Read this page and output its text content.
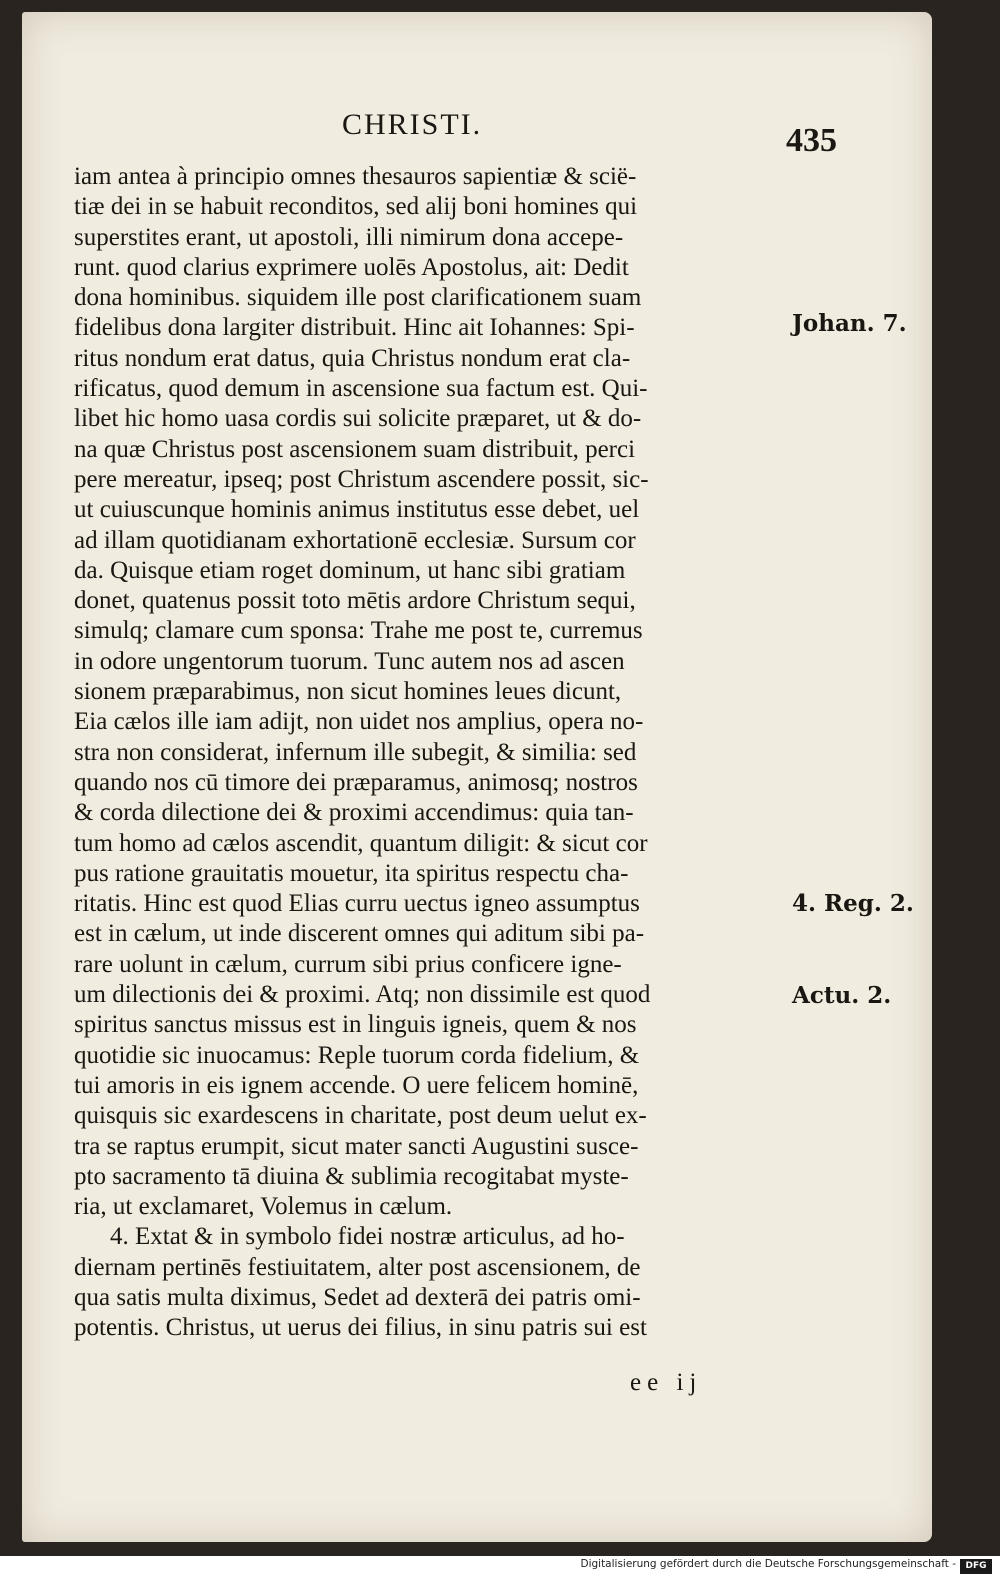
CHRISTI.	435
iam antea à principio omnes thesauros sapientiæ & scië-
tiæ dei in se habuit reconditos, sed alij boni homines qui
superstites erant, ut apostoli, illi nimirum dona accepe-
runt. quod clarius exprimere uolēs Apostolus, ait: Dedit
dona hominibus. siquidem ille post clarificationem suam
fidelibus dona largiter distribuit. Hinc ait Iohannes: Spi-
ritus nondum erat datus, quia Christus nondum erat cla-
rificatus, quod demum in ascensione sua factum est. Qui-
libet hic homo uasa cordis sui solicite præparet, ut & do-
na quæ Christus post ascensionem suam distribuit, perci
pere mereatur, ipseq; post Christum ascendere possit, sic-
ut cuiuscunque hominis animus institutus esse debet, uel
ad illam quotidianam exhortationē ecclesiæ. Sursum cor
da. Quisque etiam roget dominum, ut hanc sibi gratiam
donet, quatenus possit toto mētis ardore Christum sequi,
simulq; clamare cum sponsa: Trahe me post te, curremus
in odore ungentorum tuorum. Tunc autem nos ad ascen
sionem præparabimus, non sicut homines leues dicunt,
Eia cælos ille iam adijt, non uidet nos amplius, opera no-
stra non considerat, infernum ille subegit, & similia: sed
quando nos cū timore dei præparamus, animosq; nostros
& corda dilectione dei & proximi accendimus: quia tan-
tum homo ad cælos ascendit, quantum diligit: & sicut cor
pus ratione grauitatis mouetur, ita spiritus respectu cha-
ritatis. Hinc est quod Elias curru uectus igneo assumptus
est in cælum, ut inde discerent omnes qui aditum sibi pa-
rare uolunt in cælum, currum sibi prius conficere igne-
um dilectionis dei & proximi. Atq; non dissimile est quod
spiritus sanctus missus est in linguis igneis, quem & nos
quotidie sic inuocamus: Reple tuorum corda fidelium, &
tui amoris in eis ignem accende. O uere felicem hominē,
quisquis sic exardescens in charitate, post deum uelut ex-
tra se raptus erumpit, sicut mater sancti Augustini susce-
pto sacramento tā diuina & sublimia recogitabat myste-
ria, ut exclamaret, Volemus in cælum.
4. Extat & in symbolo fidei nostræ articulus, ad ho-
diernam pertinēs festiuitatem, alter post ascensionem, de
qua satis multa diximus, Sedet ad dexterā dei patris omi-
potentis. Christus, ut uerus dei filius, in sinu patris sui est
Johan. 7.
4. Reg. 2.
Actu. 2.
ee ij
Digitalisierung gefördert durch die Deutsche Forschungsgemeinschaft -	DFG
